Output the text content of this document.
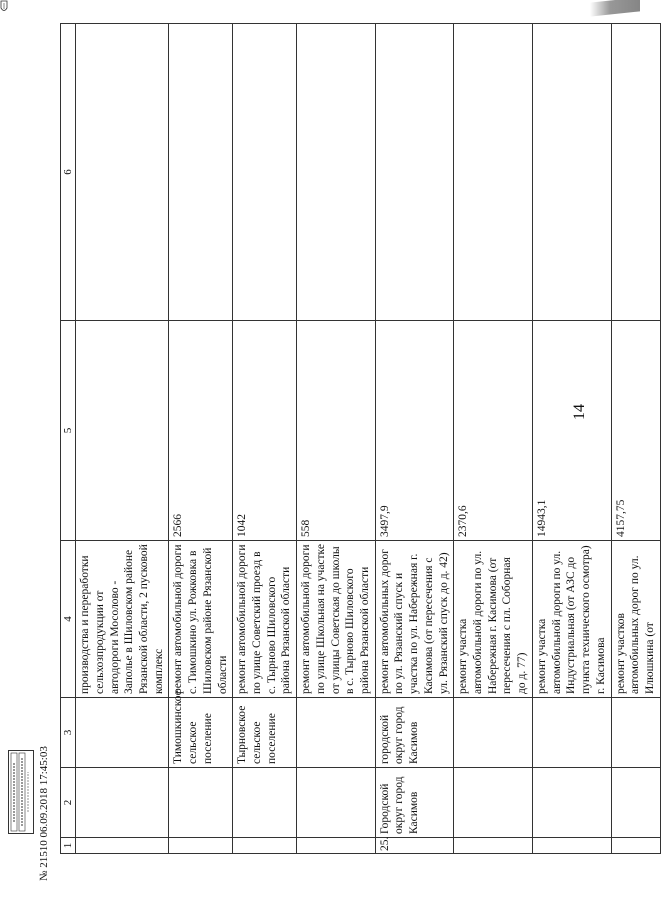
14
1	2	3	4	5	6
			производства и переработки сельхозпродукции от автодороги Мосолово - Заполье в Шиловском районе Рязанской области, 2 пусковой комплекс		
		Тимошкинское сельское поселение	ремонт автомобильной дороги с. Тимошкино ул. Рожковка в Шиловском районе Рязанской области	2566	
		Тырновское сельское поселение	ремонт автомобильной дороги по улице Советский проезд в с. Тырново Шиловского района Рязанской области	1042	
			ремонт автомобильной дороги по улице Школьная на участке от улицы Советская до школы в с. Тырново Шиловского района Рязанской области	558	
25.	Городской округ город Касимов	городской округ город Касимов	ремонт автомобильных дорог по ул. Рязанский спуск и участка по ул. Набережная г. Касимова (от пересечения с ул. Рязанский спуск до д. 42)	3497,9	
			ремонт участка автомобильной дороги по ул. Набережная г. Касимова (от пересечения с пл. Соборная до д. 77)	2370,6	
			ремонт участка автомобильной дороги по ул. Индустриальная (от АЗС до пункта технического осмотра) г. Касимова	14943,1	
			ремонт участков автомобильных дорог по ул. Илюшкина (от	4157,75	
№ 21510 06.09.2018 17:45:03
